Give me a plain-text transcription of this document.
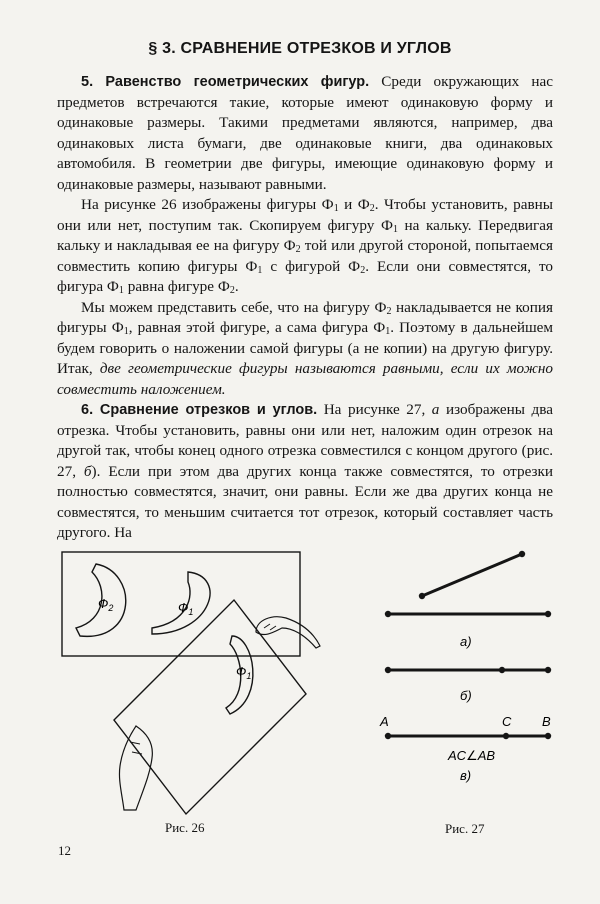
§ 3. СРАВНЕНИЕ ОТРЕЗКОВ И УГЛОВ

5. Равенство геометрических фигур. Среди окружающих нас предметов встречаются такие, которые имеют одинаковую форму и одинаковые размеры. Такими предметами являются, например, два одинаковых листа бумаги, две одинаковые книги, два одинаковых автомобиля. В геометрии две фигуры, имеющие одинаковую форму и одинаковые размеры, называют равными.

На рисунке 26 изображены фигуры $Ф_1$ и $Ф_2$. Чтобы установить, равны они или нет, поступим так. Скопируем фигуру $Ф_1$ на кальку. Передвигая кальку и накладывая ее на фигуру $Ф_2$ той или другой стороной, попытаемся совместить копию фигуры $Ф_1$ с фигурой $Ф_2$. Если они совместятся, то фигура $Ф_1$ равна фигуре $Ф_2$.

Мы можем представить себе, что на фигуру $Ф_2$ накладывается не копия фигуры $Ф_1$, равная этой фигуре, а сама фигура $Ф_1$. Поэтому в дальнейшем будем говорить о наложении самой фигуры (а не копии) на другую фигуру. Итак, две геометрические фигуры называются равными, если их можно совместить наложением.

6. Сравнение отрезков и углов. На рисунке 27, а изображены два отрезка. Чтобы установить, равны они или нет, наложим один отрезок на другой так, чтобы конец одного отрезка совместился с концом другого (рис. 27, б). Если при этом два других конца также совместятся, то отрезки полностью совместятся, значит, они равны. Если же два других конца не совместятся, то меньшим считается тот отрезок, который составляет часть другого. На

$Ф_2$	$Ф_1$
$Ф_1$
Рис. 26
а)
б)
A	C B
AC∠AB
в)
Рис. 27
12
